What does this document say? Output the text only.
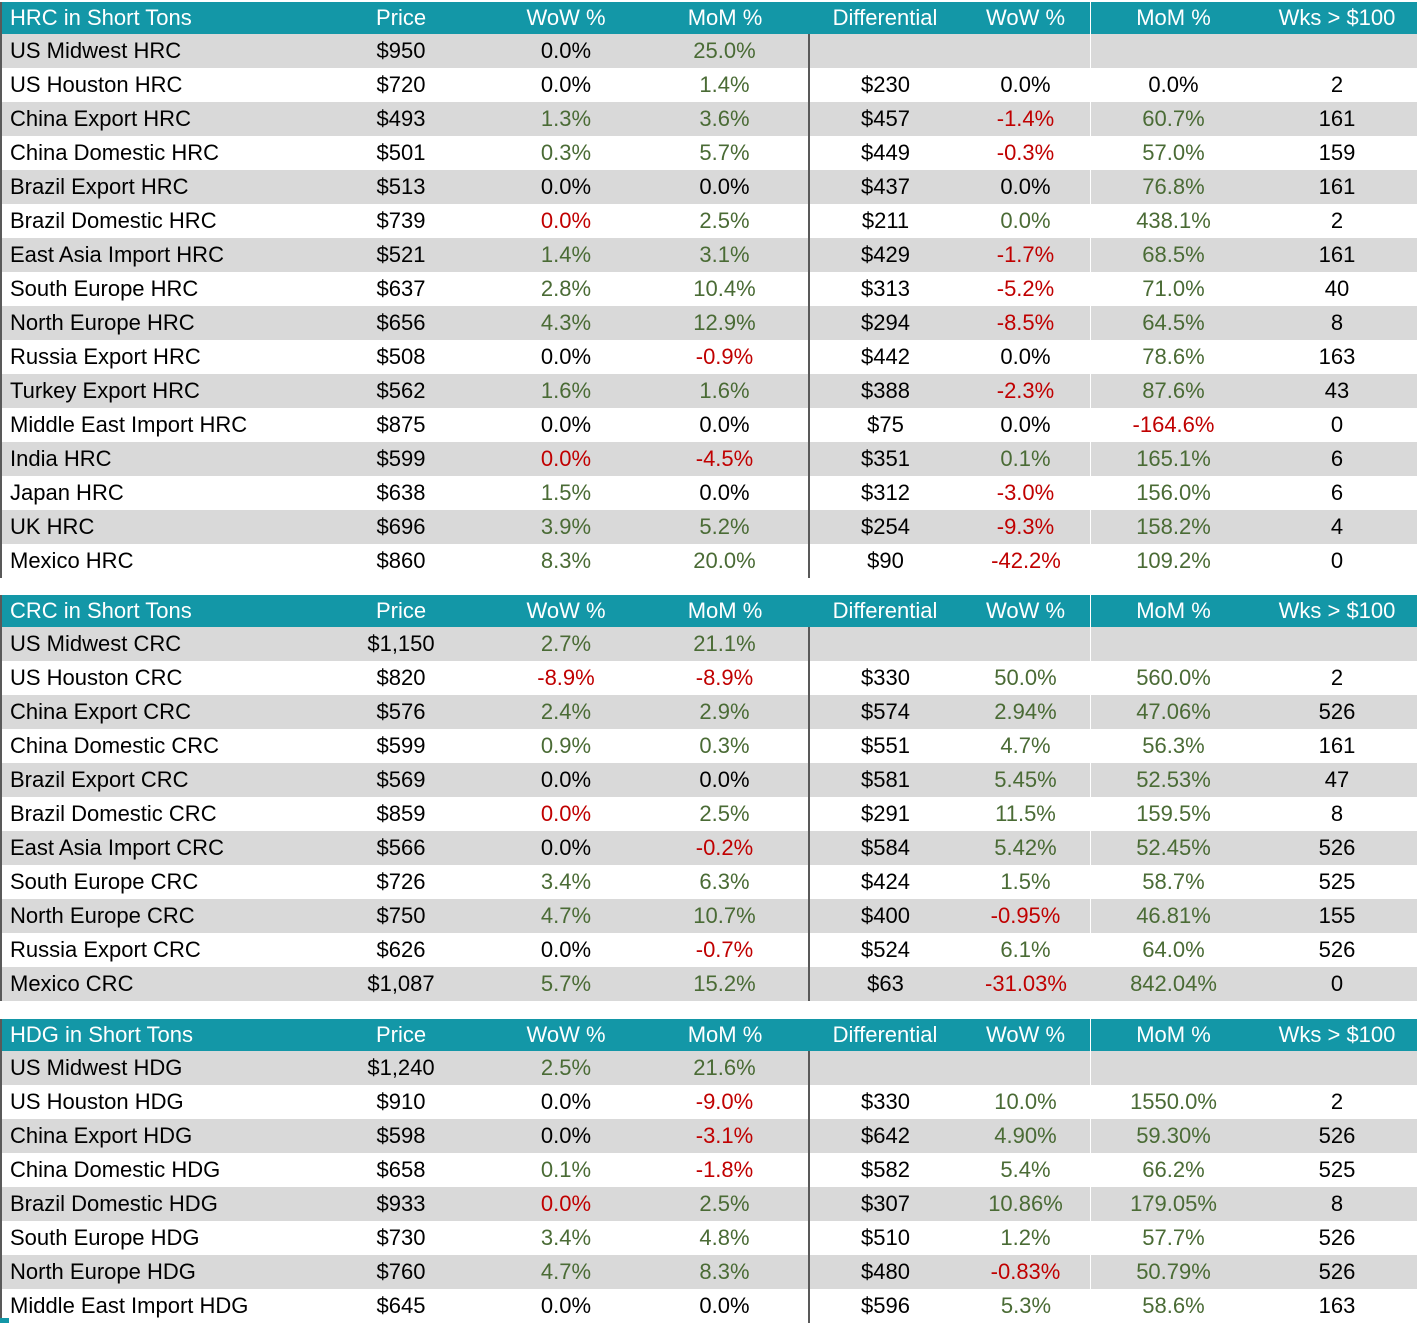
HRC in Short Tons	Price	WoW %	MoM %	Differential	WoW %	MoM %	Wks > $100
US Midwest HRC	$950	0.0%	25.0%				
US Houston HRC	$720	0.0%	1.4%	$230	0.0%	0.0%	2
China Export HRC	$493	1.3%	3.6%	$457	-1.4%	60.7%	161
China Domestic HRC	$501	0.3%	5.7%	$449	-0.3%	57.0%	159
Brazil Export HRC	$513	0.0%	0.0%	$437	0.0%	76.8%	161
Brazil Domestic HRC	$739	0.0%	2.5%	$211	0.0%	438.1%	2
East Asia Import HRC	$521	1.4%	3.1%	$429	-1.7%	68.5%	161
South Europe HRC	$637	2.8%	10.4%	$313	-5.2%	71.0%	40
North Europe HRC	$656	4.3%	12.9%	$294	-8.5%	64.5%	8
Russia Export HRC	$508	0.0%	-0.9%	$442	0.0%	78.6%	163
Turkey Export HRC	$562	1.6%	1.6%	$388	-2.3%	87.6%	43
Middle East Import HRC	$875	0.0%	0.0%	$75	0.0%	-164.6%	0
India HRC	$599	0.0%	-4.5%	$351	0.1%	165.1%	6
Japan HRC	$638	1.5%	0.0%	$312	-3.0%	156.0%	6
UK HRC	$696	3.9%	5.2%	$254	-9.3%	158.2%	4
Mexico HRC	$860	8.3%	20.0%	$90	-42.2%	109.2%	0
CRC in Short Tons	Price	WoW %	MoM %	Differential	WoW %	MoM %	Wks > $100
US Midwest CRC	$1,150	2.7%	21.1%				
US Houston CRC	$820	-8.9%	-8.9%	$330	50.0%	560.0%	2
China Export CRC	$576	2.4%	2.9%	$574	2.94%	47.06%	526
China Domestic CRC	$599	0.9%	0.3%	$551	4.7%	56.3%	161
Brazil Export CRC	$569	0.0%	0.0%	$581	5.45%	52.53%	47
Brazil Domestic CRC	$859	0.0%	2.5%	$291	11.5%	159.5%	8
East Asia Import CRC	$566	0.0%	-0.2%	$584	5.42%	52.45%	526
South Europe CRC	$726	3.4%	6.3%	$424	1.5%	58.7%	525
North Europe CRC	$750	4.7%	10.7%	$400	-0.95%	46.81%	155
Russia Export CRC	$626	0.0%	-0.7%	$524	6.1%	64.0%	526
Mexico CRC	$1,087	5.7%	15.2%	$63	-31.03%	842.04%	0
HDG in Short Tons	Price	WoW %	MoM %	Differential	WoW %	MoM %	Wks > $100
US Midwest HDG	$1,240	2.5%	21.6%				
US Houston HDG	$910	0.0%	-9.0%	$330	10.0%	1550.0%	2
China Export HDG	$598	0.0%	-3.1%	$642	4.90%	59.30%	526
China Domestic HDG	$658	0.1%	-1.8%	$582	5.4%	66.2%	525
Brazil Domestic HDG	$933	0.0%	2.5%	$307	10.86%	179.05%	8
South Europe HDG	$730	3.4%	4.8%	$510	1.2%	57.7%	526
North Europe HDG	$760	4.7%	8.3%	$480	-0.83%	50.79%	526
Middle East Import HDG	$645	0.0%	0.0%	$596	5.3%	58.6%	163
